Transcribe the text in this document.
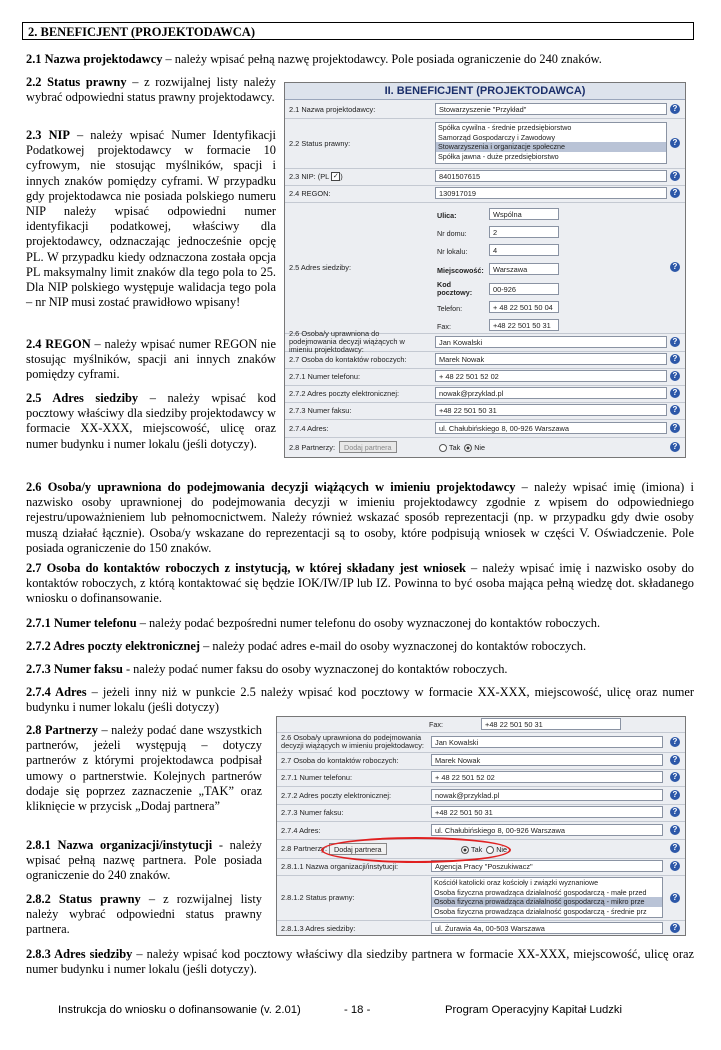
2. BENEFICJENT (PROJEKTODAWCA)
2.1 Nazwa projektodawcy – należy wpisać pełną nazwę projektodawcy. Pole posiada ograniczenie do 240 znaków.
2.2 Status prawny – z rozwijalnej listy należy wybrać odpowiedni status prawny projektodawcy.
2.3 NIP – należy wpisać Numer Identyfikacji Podatkowej projektodawcy w formacie 10 cyfrowym, nie stosując myślników, spacji i innych znaków pomiędzy cyframi. W przypadku gdy projektodawca nie posiada polskiego numeru NIP należy wpisać odpowiedni numer identyfikacji podatkowej, właściwy dla projektodawcy, odznaczając jednocześnie opcję PL. W przypadku kiedy odznaczona została opcja PL maksymalny limit znaków dla tego pola to 25. Dla NIP polskiego występuje walidacja tego pola – nr NIP musi zostać prawidłowo wpisany!
2.4 REGON – należy wpisać numer REGON nie stosując myślników, spacji ani innych znaków pomiędzy cyframi.
2.5 Adres siedziby – należy wpisać kod pocztowy właściwy dla siedziby projektodawcy w formacie XX-XXX, miejscowość, ulicę oraz numer budynku i numer lokalu (jeśli dotyczy).
II. BENEFICJENT (PROJEKTODAWCA)
2.1 Nazwa projektodawcy:	Stowarzyszenie "Przykład"	?
2.2 Status prawny:
Spółka cywilna - średnie przedsiębiorstwo
Samorząd Gospodarczy i Zawodowy
Stowarzyszenia i organizacje społeczne
Spółka jawna - duże przedsiębiorstwo
?
2.3 NIP: (PL ✓ )	8401507615	?
2.4 REGON:	130917019	?
2.5 Adres siedziby:
Ulica:	Wspólna
Nr domu:	2
Nr lokalu:	4
Miejscowość:	Warszawa
Kod pocztowy:	00-926
Telefon:	+ 48 22 501 50 04
Fax:	+48 22 501 50 31
?
2.6 Osoba/y uprawniona do podejmowania decyzji wiążących w imieniu projektodawcy:
Jan Kowalski	?
2.7 Osoba do kontaktów roboczych:	Marek Nowak	?
2.7.1 Numer telefonu:	+ 48 22 501 52 02	?
2.7.2 Adres poczty elektronicznej:	nowak@przyklad.pl	?
2.7.3 Numer faksu:	+48 22 501 50 31	?
2.7.4 Adres:	ul. Chałubińskiego 8, 00-926 Warszawa	?
2.8 Partnerzy:	Dodaj partnera	Tak Nie	?
2.6 Osoba/y uprawniona do podejmowania decyzji wiążących w imieniu projektodawcy – należy wpisać imię (imiona) i nazwisko osoby uprawnionej do podejmowania decyzji w imieniu projektodawcy zgodnie z wpisem do odpowiedniego rejestru/upoważnieniem lub pełnomocnictwem. Należy również wskazać sposób reprezentacji (np. w przypadku gdy dwie osoby muszą działać łącznie). Osoba/y wskazane do reprezentacji są to osoby, które podpisują wniosek w części V. Oświadczenie. Pole posiada ograniczenie do 150 znaków.
2.7 Osoba do kontaktów roboczych z instytucją, w której składany jest wniosek – należy wpisać imię i nazwisko osoby do kontaktów roboczych, z którą kontaktować się będzie IOK/IW/IP lub IZ. Powinna to być osoba mająca pełną wiedzę dot. składanego wniosku o dofinansowanie.
2.7.1 Numer telefonu – należy podać bezpośredni numer telefonu do osoby wyznaczonej do kontaktów roboczych.
2.7.2 Adres poczty elektronicznej – należy podać adres e-mail do osoby wyznaczonej do kontaktów roboczych.
2.7.3 Numer faksu - należy podać numer faksu do osoby wyznaczonej do kontaktów roboczych.
2.7.4 Adres – jeżeli inny niż w punkcie 2.5 należy wpisać kod pocztowy w formacie XX-XXX, miejscowość, ulicę oraz numer budynku i numer lokalu (jeśli dotyczy)
2.8 Partnerzy – należy podać dane wszystkich partnerów, jeżeli występują – dotyczy partnerów z którymi projektodawca podpisał umowy o partnerstwie. Kolejnych partnerów dodaje się poprzez zaznaczenie „TAK” oraz kliknięcie w przycisk „Dodaj partnera”
2.8.1 Nazwa organizacji/instytucji - należy wpisać pełną nazwę partnera. Pole posiada ograniczenie do 240 znaków.
2.8.2 Status prawny – z rozwijalnej listy należy wybrać odpowiedni status prawny partnera.
2.8.3 Adres siedziby – należy wpisać kod pocztowy właściwy dla siedziby partnera w formacie XX-XXX, miejscowość, ulicę oraz numer budynku i numer lokalu (jeśli dotyczy).
Fax:	+48 22 501 50 31
2.6 Osoba/y uprawniona do podejmowania decyzji wiążących w imieniu projektodawcy:	Jan Kowalski	?
2.7 Osoba do kontaktów roboczych:	Marek Nowak	?
2.7.1 Numer telefonu:	+ 48 22 501 52 02	?
2.7.2 Adres poczty elektronicznej:	nowak@przyklad.pl	?
2.7.3 Numer faksu:	+48 22 501 50 31	?
2.7.4 Adres:	ul. Chałubińskiego 8, 00-926 Warszawa	?
2.8 Partnerzy: Dodaj partnera	Tak Nie	?
2.8.1.1 Nazwa organizacji/instytucji:	Agencja Pracy "Poszukiwacz"	?
2.8.1.2 Status prawny:
Kościół katolicki oraz kościoły i związki wyznaniowe
Osoba fizyczna prowadząca działalność gospodarczą - małe przed
Osoba fizyczna prowadząca działalność gospodarczą - mikro prze
Osoba fizyczna prowadząca działalność gospodarczą - średnie prz
?
2.8.1.3 Adres siedziby:	ul. Żurawia 4a, 00-503 Warszawa	?
Instrukcja do wniosku o dofinansowanie (v. 2.01)	- 18 -	Program Operacyjny Kapitał Ludzki
